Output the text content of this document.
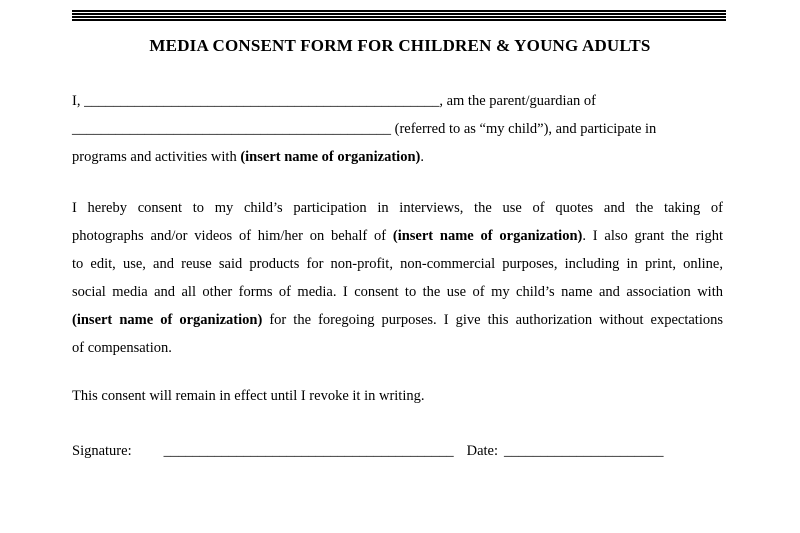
MEDIA CONSENT FORM FOR CHILDREN & YOUNG ADULTS
I, _________________________________________________, am the parent/guardian of
____________________________________________ (referred to as “my child”), and participate in
programs and activities with (insert name of organization).
I hereby consent to my child’s participation in interviews, the use of quotes and the taking of
photographs and/or videos of him/her on behalf of (insert name of organization). I also grant the right
to edit, use, and reuse said products for non-profit, non-commercial purposes, including in print, online,
social media and all other forms of media. I consent to the use of my child’s name and association with
(insert name of organization) for the foregoing purposes. I give this authorization without expectations
of compensation.
This consent will remain in effect until I revoke it in writing.
Signature: ________________________________________ Date: ______________________
